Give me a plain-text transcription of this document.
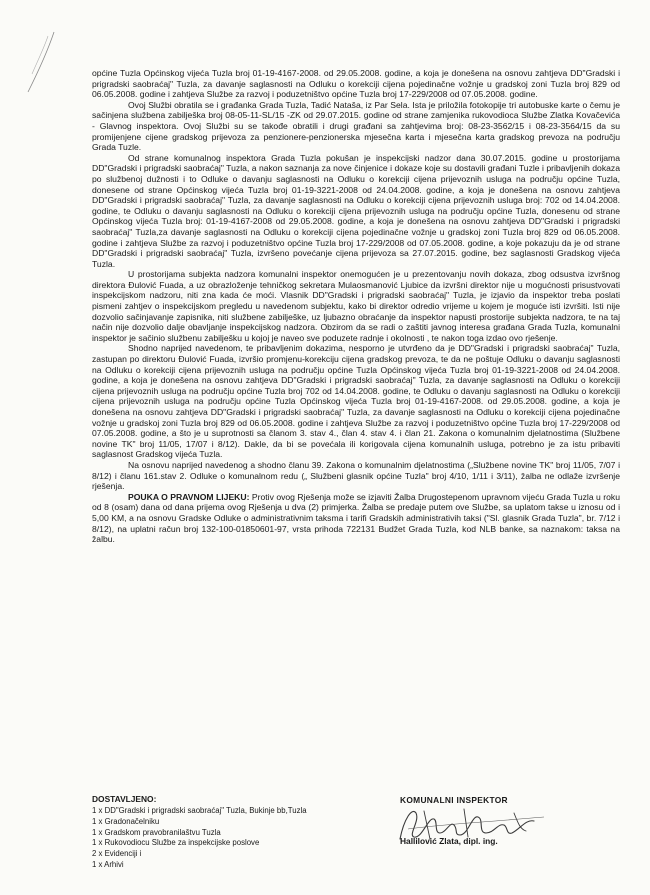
općine Tuzla Općinskog vijeća Tuzla broj 01-19-4167-2008. od 29.05.2008. godine, a koja je donešena na osnovu zahtjeva DD"Gradski i prigradski saobraćaj" Tuzla, za davanje saglasnosti na Odluku o korekciji cijena pojedinačne vožnje u gradskoj zoni Tuzla broj 829 od 06.05.2008. godine i zahtjeva Službe za razvoj i poduzetništvo općine Tuzla broj 17-229/2008 od 07.05.2008. godine.

Ovoj Službi obratila se i građanka Grada Tuzla, Tadić Nataša, iz Par Sela. Ista je priložila fotokopije tri autobuske karte o čemu je sačinjena službena zabilješka broj 08-05-11-SL/15 -ZK od 29.07.2015. godine od strane zamjenika rukovodioca Službe Zlatka Kovačevića - Glavnog inspektora. Ovoj Službi su se takođe obratili i drugi građani sa zahtjevima broj: 08-23-3562/15 i 08-23-3564/15 da su promijenjene cijene gradskog prijevoza za penzionere-penzionerska mjesečna karta i mjesečna karta gradskog prevoza na području Grada Tuzle.

Od strane komunalnog inspektora Grada Tuzla pokušan je inspekcijski nadzor dana 30.07.2015. godine u prostorijama DD"Gradski i prigradski saobraćaj" Tuzla, a nakon saznanja za nove činjenice i dokaze koje su dostavili građani Tuzle i pribavljenih dokaza po službenoj dužnosti i to Odluke o davanju saglasnosti na Odluku o korekciji cijena prijevoznih usluga na području općine Tuzla, donesene od strane Općinskog vijeća Tuzla broj 01-19-3221-2008 od 24.04.2008. godine, a koja je donešena na osnovu zahtjeva DD"Gradski i prigradski saobraćaj" Tuzla, za davanje saglasnosti na Odluku o korekciji cijena prijevoznih usluga broj: 702 od 14.04.2008. godine, te Odluku o davanju saglasnosti na Odluku o korekciji cijena prijevoznih usluga na području općine Tuzla, donesenu od strane Općinskog vijeća Tuzla broj: 01-19-4167-2008 od 29.05.2008. godine, a koja je donešena na osnovu zahtjeva DD"Gradski i prigradski saobraćaj" Tuzla,za davanje saglasnosti na Odluku o korekciji cijena pojedinačne vožnje u gradskoj zoni Tuzla broj 829 od 06.05.2008. godine i zahtjeva Službe za razvoj i poduzetništvo općine Tuzla broj 17-229/2008 od 07.05.2008. godine, a koje pokazuju da je od strane DD"Gradski i prigradski saobraćaj" Tuzla, izvršeno povećanje cijena prijevoza sa 27.07.2015. godine, bez saglasnosti Gradskog vijeća Tuzla.

U prostorijama subjekta nadzora komunalni inspektor onemogućen je u prezentovanju novih dokaza, zbog odsustva izvršnog direktora Đulović Fuada, a uz obrazloženje tehničkog sekretara Mulaosmanović Ljubice da izvršni direktor nije u mogućnosti prisustvovati inspekcijskom nadzoru, niti zna kada će moći. Vlasnik DD"Gradski i prigradski saobraćaj" Tuzla, je izjavio da inspektor treba poslati pismeni zahtjev o inspekcijskom pregledu u navedenom subjektu, kako bi direktor odredio vrijeme u kojem je moguće isti izvršiti. Isti nije dozvolio sačinjavanje zapisnika, niti službene zabilješke, uz ljubazno obraćanje da inspektor napusti prostorije subjekta nadzora, te na taj način nije dozvolio dalje obavljanje inspekcijskog nadzora. Obzirom da se radi o zaštiti javnog interesa građana Grada Tuzla, komunalni inspektor je sačinio službenu zabilješku u kojoj je naveo sve poduzete radnje i okolnosti , te nakon toga izdao ovo rješenje.

Shodno naprijed navedenom, te pribavljenim dokazima, nesporno je utvrđeno da je DD"Gradski i prigradski saobraćaj" Tuzla, zastupan po direktoru Đulović Fuada, izvršio promjenu-korekciju cijena gradskog prevoza, te da ne poštuje Odluku o davanju saglasnosti na Odluku o korekciji cijena prijevoznih usluga na području općine Tuzla Općinskog vijeća Tuzla broj 01-19-3221-2008 od 24.04.2008. godine, a koja je donešena na osnovu zahtjeva DD"Gradski i prigradski saobraćaj" Tuzla, za davanje saglasnosti na Odluku o korekciji cijena prijevoznih usluga na području općine Tuzla broj 702 od 14.04.2008. godine, te Odluku o davanju saglasnosti na Odluku o korekciji cijena prijevoznih usluga na području općine Tuzla Općinskog vijeća Tuzla broj 01-19-4167-2008. od 29.05.2008. godine, a koja je donešena na osnovu zahtjeva DD"Gradski i prigradski saobraćaj" Tuzla, za davanje saglasnosti na Odluku o korekciji cijena pojedinačne vožnje u gradskoj zoni Tuzla broj 829 od 06.05.2008. godine i zahtjeva Službe za razvoj i poduzetništvo općine Tuzla broj 17-229/2008 od 07.05.2008. godine, a što je u suprotnosti sa članom 3. stav 4., član 4. stav 4. i član 21. Zakona o komunalnim djelatnostima (Službene novine TK" broj 11/05, 17/07 i 8/12). Dakle, da bi se povećala ili korigovala cijena komunalnih usluga, potrebno je za istu pribaviti saglasnost Gradskog vijeća Tuzla.

Na osnovu naprijed navedenog a shodno članu 39. Zakona o komunalnim djelatnostima („Službene novine TK" broj 11/05, 7/07 i 8/12) i članu 161.stav 2. Odluke o komunalnom redu („ Službeni glasnik općine Tuzla" broj 4/10, 1/11 i 3/11), žalba ne odlaže izvršenje rješenja.

POUKA O PRAVNOM LIJEKU: Protiv ovog Rješenja može se izjaviti Žalba Drugostepenom upravnom vijeću Grada Tuzla u roku od 8 (osam) dana od dana prijema ovog Rješenja u dva (2) primjerka. Žalba se predaje putem ove Službe, sa uplatom takse u iznosu od i 5,00 KM, a na osnovu Gradske Odluke o administrativnim taksma i tarifi Gradskih administrativih taksi ("Sl. glasnik Grada Tuzla", br. 7/12 i 8/12), na uplatni račun broj 132-100-01850601-97, vrsta prihoda 722131 Budžet Grada Tuzla, kod NLB banke, sa naznakom: taksa na žalbu.

DOSTAVLJENO:

1 x DD"Gradski i prigradski saobraćaj" Tuzla, Bukinje bb,Tuzla

1 x Gradonačelniku

1 x Gradskom pravobranilaštvu Tuzla

1 x Rukovodiocu Službe za inspekcijske poslove

2 x Evidenciji i

1 x Arhivi

KOMUNALNI INSPEKTOR
Hallilović Zlata, dipl. ing.
